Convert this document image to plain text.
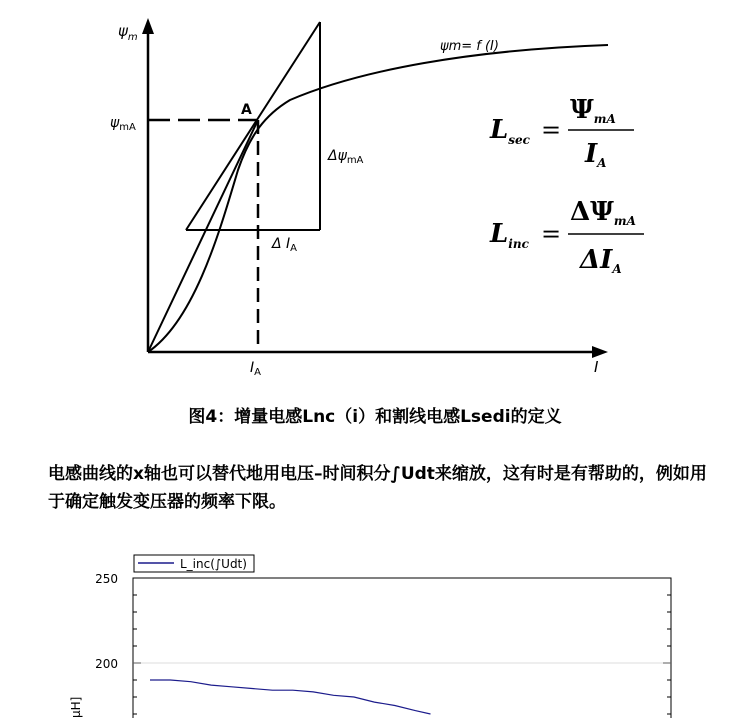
$\psi_m$
I
ψm= f (I)
A
$\psi_{mA}$
$I_A$
$\Delta\psi_{mA}$
Δ $I_A$
$L_{sec}$ =
ΨmA
IA
$L_{inc}$ =
ΔΨmA
ΔIA
图4：增量电感Lnc（i）和割线电感Lsedi的定义
电感曲线的x轴也可以替代地用电压–时间积分∫Udt来缩放，这有时是有帮助的，例如用于确定触发变压器的频率下限。
L_inc(∫Udt)
250
200
μH]
